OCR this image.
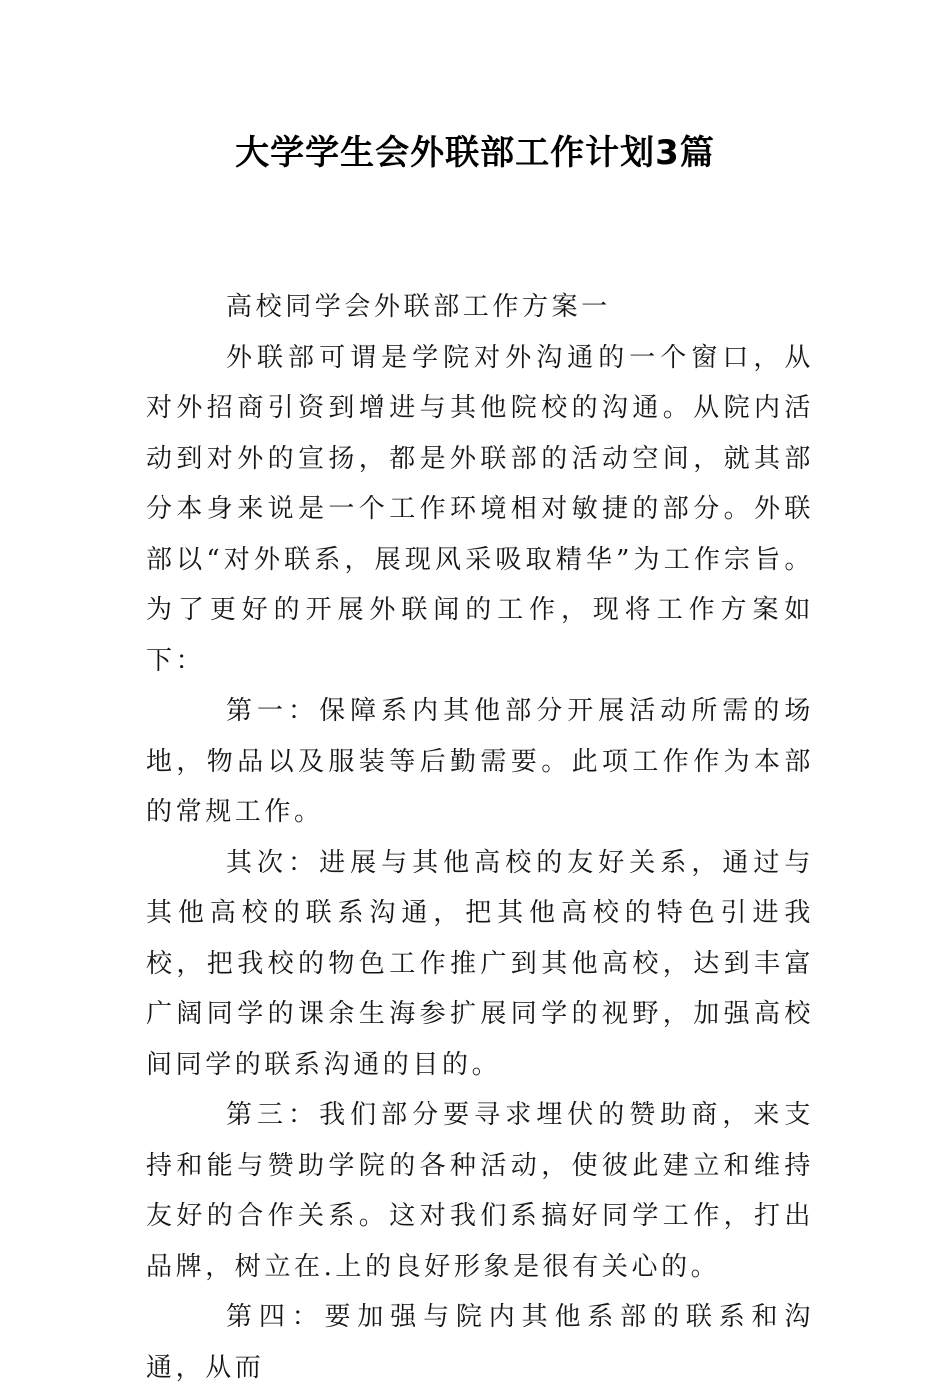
大学学生会外联部工作计划3篇

高校同学会外联部工作方案一

外联部可谓是学院对外沟通的一个窗口，从对外招商引资到增进与其他院校的沟通。从院内活动到对外的宣扬，都是外联部的活动空间，就其部分本身来说是一个工作环境相对敏捷的部分。外联部以“对外联系，展现风采吸取精华”为工作宗旨。为了更好的开展外联闻的工作，现将工作方案如下：

第一：保障系内其他部分开展活动所需的场地，物品以及服装等后勤需要。此项工作作为本部的常规工作。

其次：进展与其他高校的友好关系，通过与其他高校的联系沟通，把其他高校的特色引进我校，把我校的物色工作推广到其他高校，达到丰富广阔同学的课余生海参扩展同学的视野，加强高校间同学的联系沟通的目的。

第三：我们部分要寻求埋伏的赞助商，来支持和能与赞助学院的各种活动，使彼此建立和维持友好的合作关系。这对我们系搞好同学工作，打出品牌，树立在.上的良好形象是很有关心的。

第四：要加强与院内其他系部的联系和沟通，从而
